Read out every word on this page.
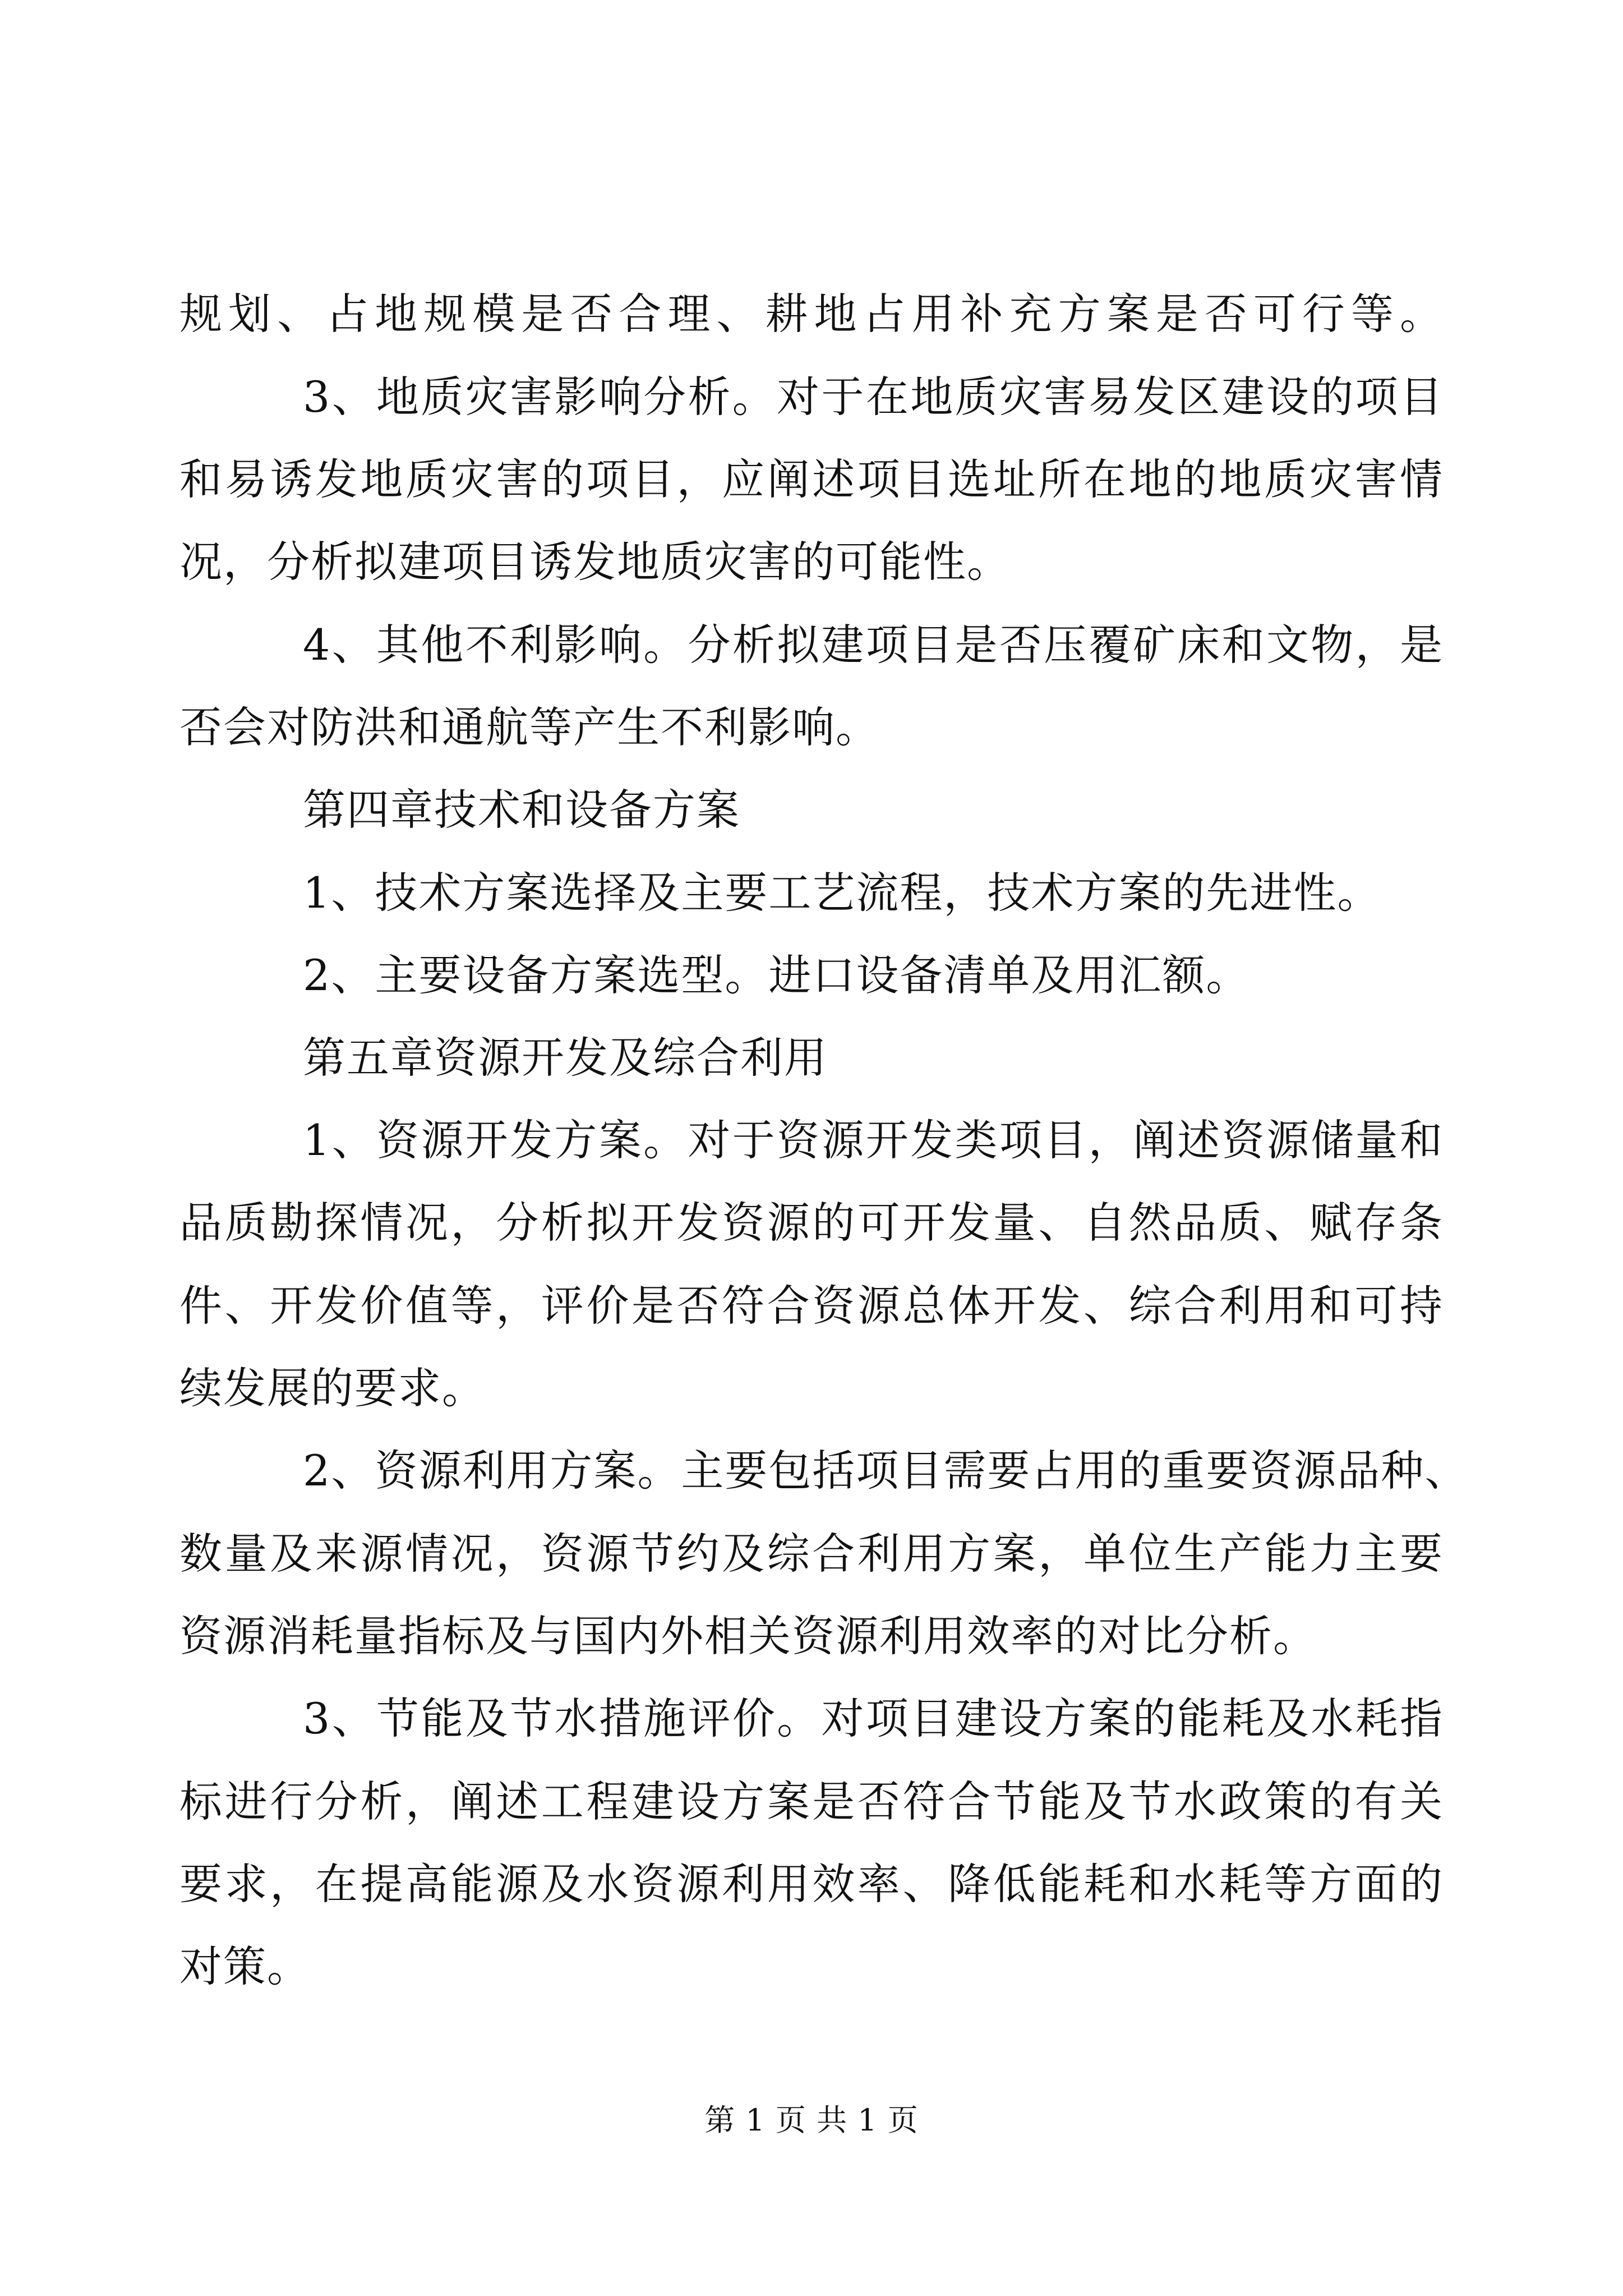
规划、占地规模是否合理、耕地占用补充方案是否可行等。
3、地质灾害影响分析。对于在地质灾害易发区建设的项目
和易诱发地质灾害的项目，应阐述项目选址所在地的地质灾害情
况，分析拟建项目诱发地质灾害的可能性。
4、其他不利影响。分析拟建项目是否压覆矿床和文物，是
否会对防洪和通航等产生不利影响。
第四章技术和设备方案
1、技术方案选择及主要工艺流程，技术方案的先进性。
2、主要设备方案选型。进口设备清单及用汇额。
第五章资源开发及综合利用
1、资源开发方案。对于资源开发类项目，阐述资源储量和
品质勘探情况，分析拟开发资源的可开发量、自然品质、赋存条
件、开发价值等，评价是否符合资源总体开发、综合利用和可持
续发展的要求。
2、资源利用方案。主要包括项目需要占用的重要资源品种、
数量及来源情况，资源节约及综合利用方案，单位生产能力主要
资源消耗量指标及与国内外相关资源利用效率的对比分析。
3、节能及节水措施评价。对项目建设方案的能耗及水耗指
标进行分析，阐述工程建设方案是否符合节能及节水政策的有关
要求，在提高能源及水资源利用效率、降低能耗和水耗等方面的
对策。
第 1 页 共 1 页
